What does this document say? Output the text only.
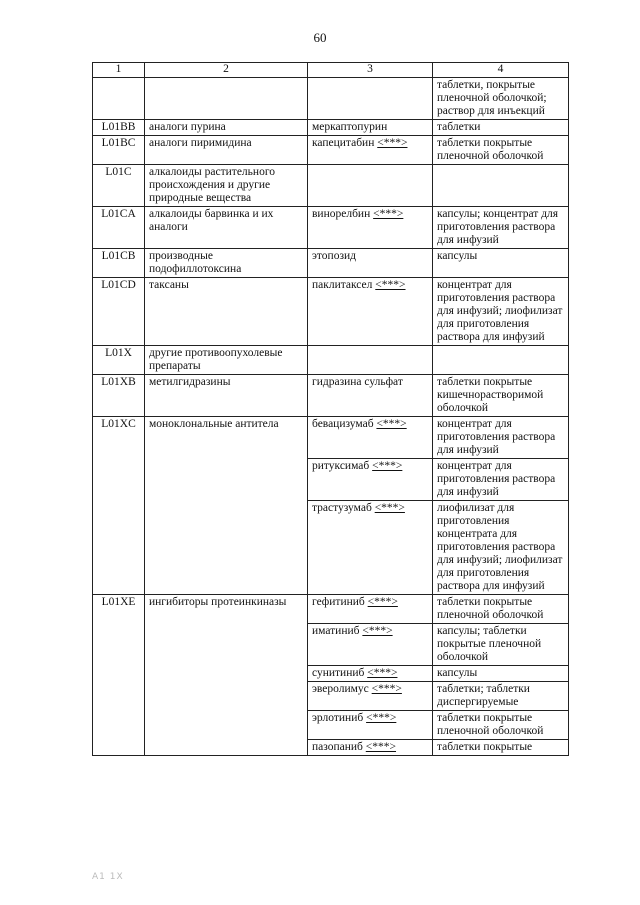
60
1	2	3	4
			таблетки, покрытые пленочной оболочкой; раствор для инъекций
L01BB	аналоги пурина	меркаптопурин	таблетки
L01BC	аналоги пиримидина	капецитабин <***>	таблетки покрытые пленочной оболочкой
L01C	алкалоиды растительного происхождения и другие природные вещества		
L01CA	алкалоиды барвинка и их аналоги	винорелбин <***>	капсулы; концентрат для приготовления раствора для инфузий
L01CB	производные подофиллотоксина	этопозид	капсулы
L01CD	таксаны	паклитаксел <***>	концентрат для приготовления раствора для инфузий; лиофилизат для приготовления раствора для инфузий
L01X	другие противоопухолевые препараты		
L01XB	метилгидразины	гидразина сульфат	таблетки покрытые кишечнорастворимой оболочкой
L01XC	моноклональные антитела	бевацизумаб <***>	концентрат для приготовления раствора для инфузий
		ритуксимаб <***>	концентрат для приготовления раствора для инфузий
		трастузумаб <***>	лиофилизат для приготовления концентрата для приготовления раствора для инфузий; лиофилизат для приготовления раствора для инфузий
L01XE	ингибиторы протеинкиназы	гефитиниб <***>	таблетки покрытые пленочной оболочкой
		иматиниб <***>	капсулы; таблетки покрытые пленочной оболочкой
		сунитиниб <***>	капсулы
		эверолимус <***>	таблетки; таблетки диспергируемые
		эрлотиниб <***>	таблетки покрытые пленочной оболочкой
		пазопаниб <***>	таблетки покрытые
A1 1X
